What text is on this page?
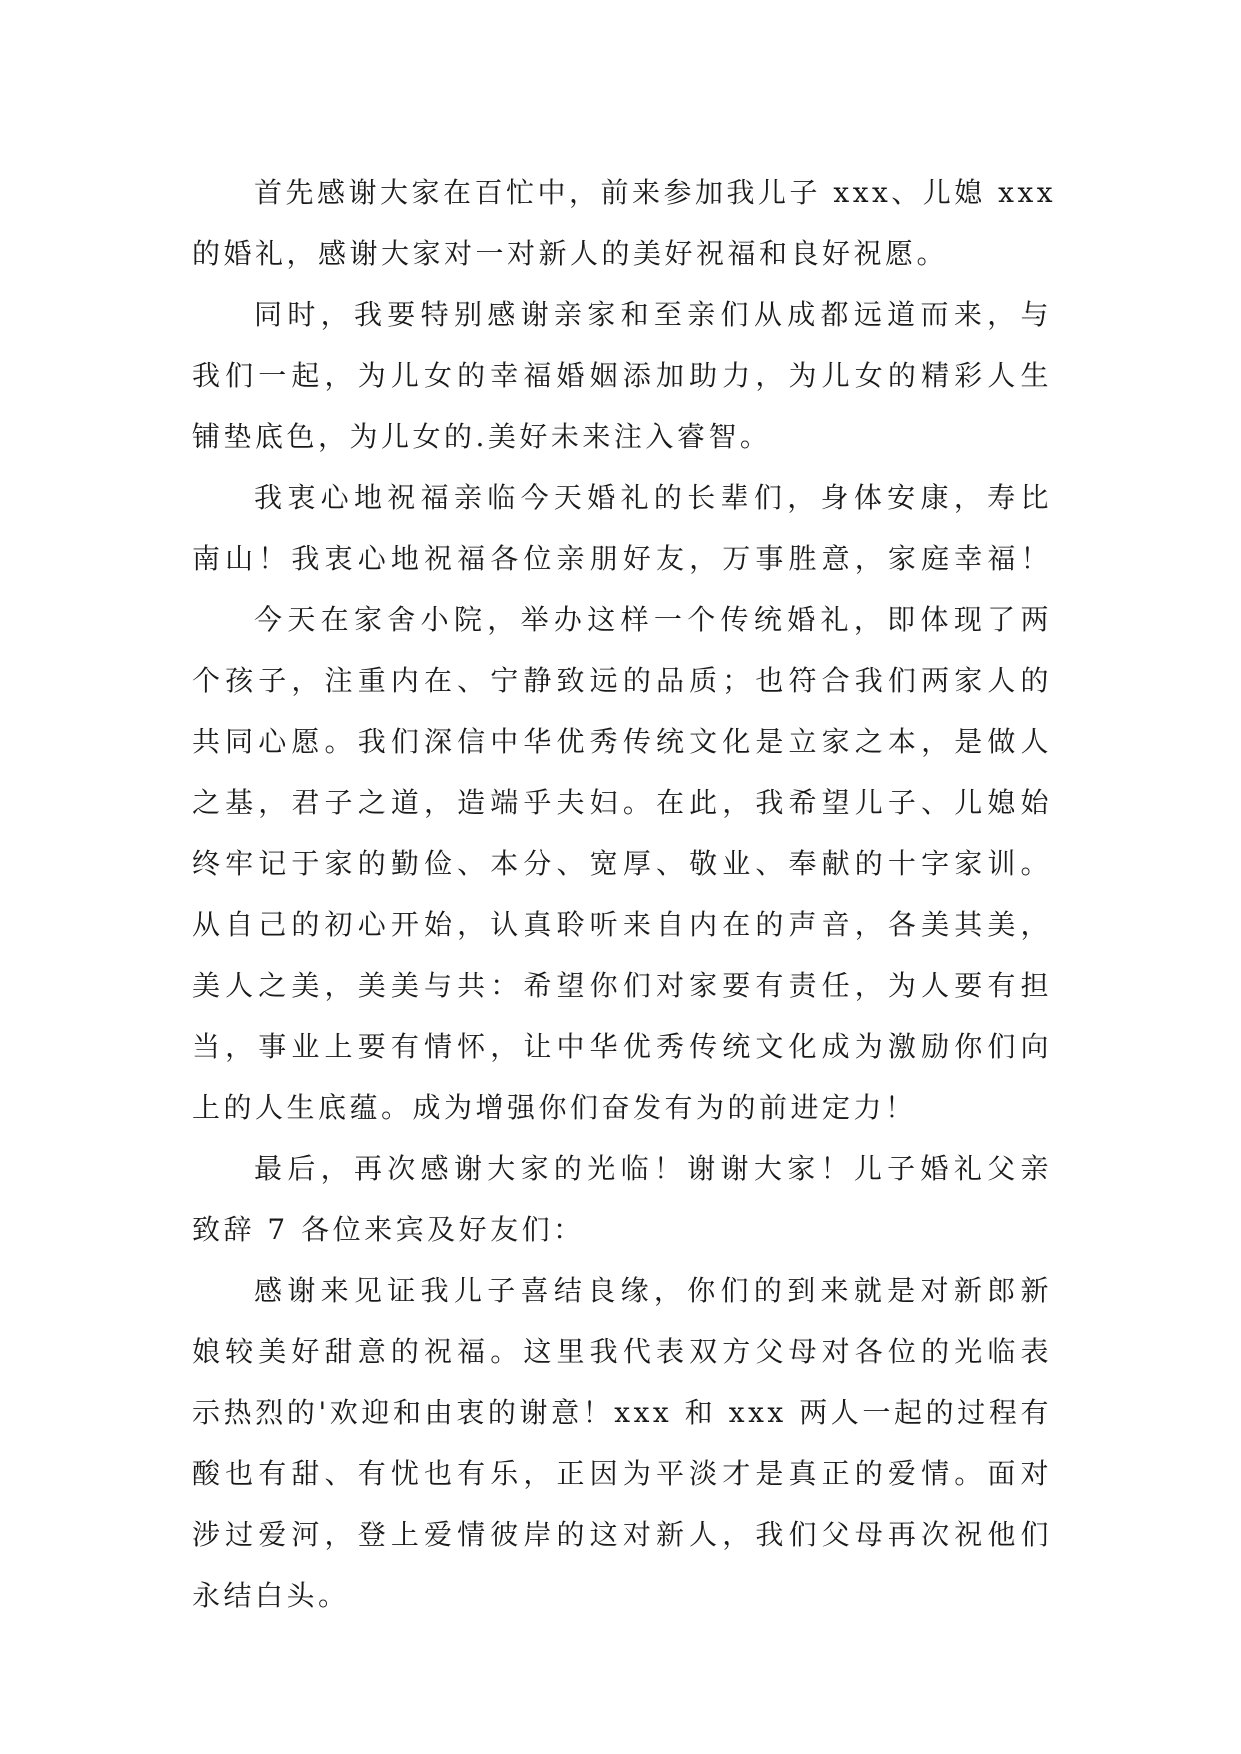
首先感谢大家在百忙中，前来参加我儿子 xxx、儿媳 xxx
的婚礼，感谢大家对一对新人的美好祝福和良好祝愿。
同时，我要特别感谢亲家和至亲们从成都远道而来，与
我们一起，为儿女的幸福婚姻添加助力，为儿女的精彩人生
铺垫底色，为儿女的.美好未来注入睿智。
我衷心地祝福亲临今天婚礼的长辈们，身体安康，寿比
南山！我衷心地祝福各位亲朋好友，万事胜意，家庭幸福！
今天在家舍小院，举办这样一个传统婚礼，即体现了两
个孩子，注重内在、宁静致远的品质；也符合我们两家人的
共同心愿。我们深信中华优秀传统文化是立家之本，是做人
之基，君子之道，造端乎夫妇。在此，我希望儿子、儿媳始
终牢记于家的勤俭、本分、宽厚、敬业、奉献的十字家训。
从自己的初心开始，认真聆听来自内在的声音，各美其美，
美人之美，美美与共：希望你们对家要有责任，为人要有担
当，事业上要有情怀，让中华优秀传统文化成为激励你们向
上的人生底蕴。成为增强你们奋发有为的前进定力！
最后，再次感谢大家的光临！谢谢大家！儿子婚礼父亲
致辞 7 各位来宾及好友们：
感谢来见证我儿子喜结良缘，你们的到来就是对新郎新
娘较美好甜意的祝福。这里我代表双方父母对各位的光临表
示热烈的'欢迎和由衷的谢意！xxx 和 xxx 两人一起的过程有
酸也有甜、有忧也有乐，正因为平淡才是真正的爱情。面对
涉过爱河，登上爱情彼岸的这对新人，我们父母再次祝他们
永结白头。
